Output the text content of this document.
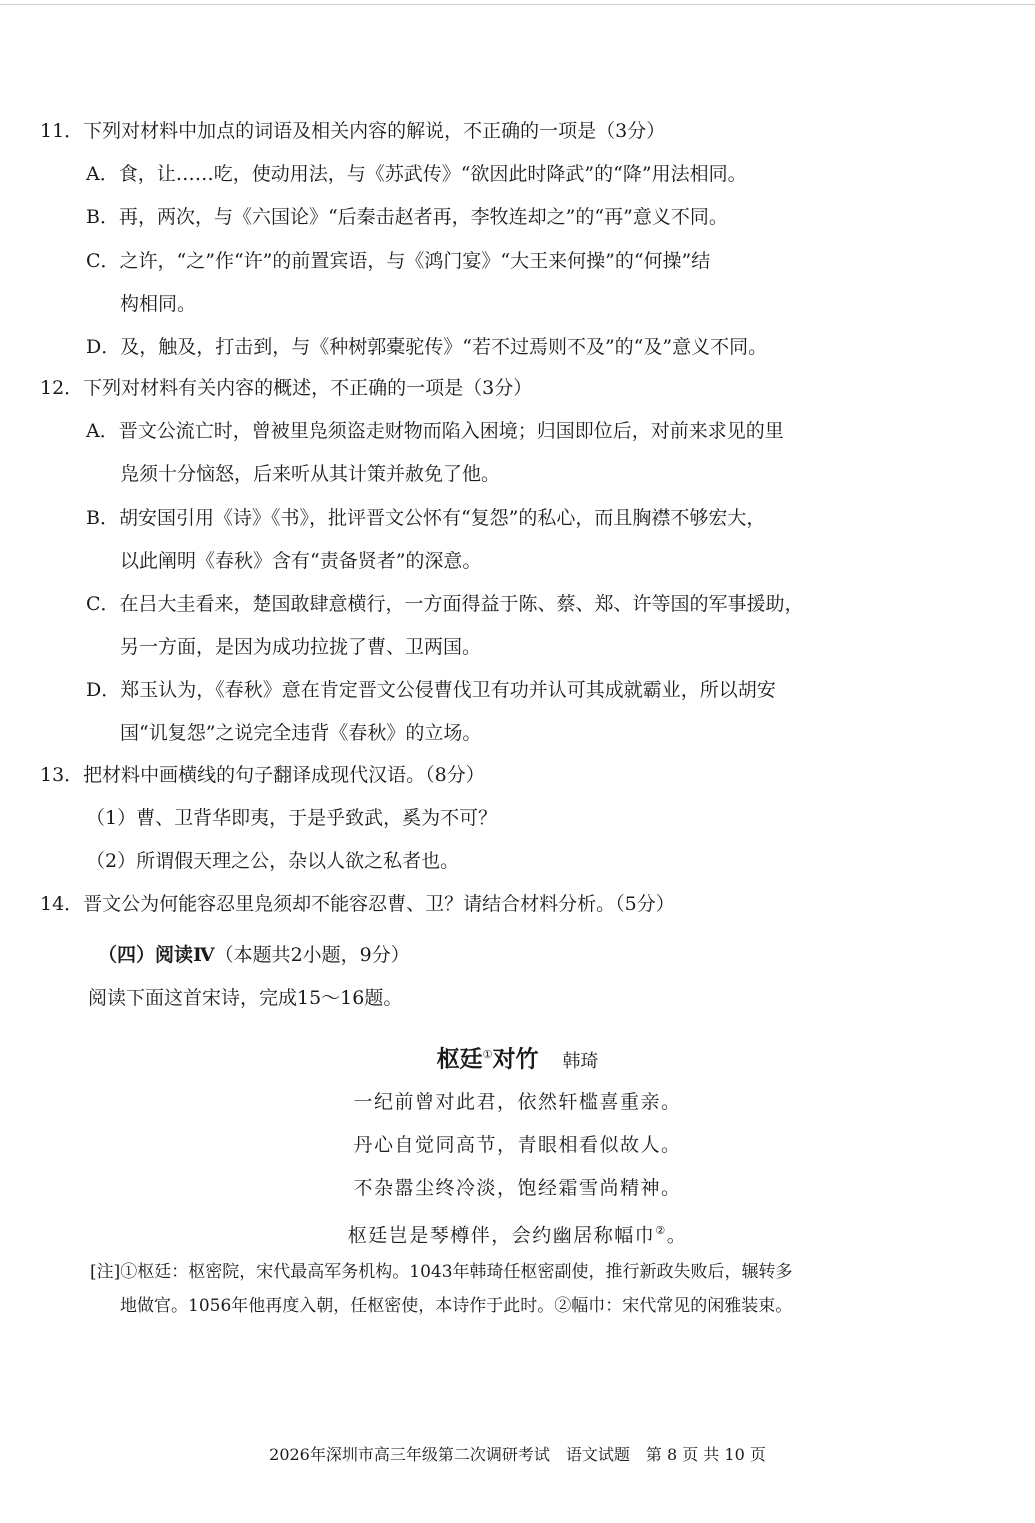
11．下列对材料中加点的词语及相关内容的解说，不正确的一项是（3分）
A．食，让……吃，使动用法，与《苏武传》“欲因此时降武”的“降”用法相同。
B．再，两次，与《六国论》“后秦击赵者再，李牧连却之”的“再”意义不同。
C．之许，“之”作“许”的前置宾语，与《鸿门宴》“大王来何操”的“何操”结
构相同。
D．及，触及，打击到，与《种树郭橐驼传》“若不过焉则不及”的“及”意义不同。
12．下列对材料有关内容的概述，不正确的一项是（3分）
A．晋文公流亡时，曾被里凫须盗走财物而陷入困境；归国即位后，对前来求见的里
凫须十分恼怒，后来听从其计策并赦免了他。
B．胡安国引用《诗》《书》，批评晋文公怀有“复怨”的私心，而且胸襟不够宏大，
以此阐明《春秋》含有“责备贤者”的深意。
C．在吕大圭看来，楚国敢肆意横行，一方面得益于陈、蔡、郑、许等国的军事援助，
另一方面，是因为成功拉拢了曹、卫两国。
D．郑玉认为，《春秋》意在肯定晋文公侵曹伐卫有功并认可其成就霸业，所以胡安
国“讥复怨”之说完全违背《春秋》的立场。
13．把材料中画横线的句子翻译成现代汉语。（8分）
（1）曹、卫背华即夷，于是乎致武，奚为不可？
（2）所谓假天理之公，杂以人欲之私者也。
14．晋文公为何能容忍里凫须却不能容忍曹、卫？请结合材料分析。（5分）
（四）阅读Ⅳ（本题共2小题，9分）
阅读下面这首宋诗，完成15～16题。
枢廷①对竹 韩琦
一纪前曾对此君，依然轩槛喜重亲。
丹心自觉同高节，青眼相看似故人。
不杂嚣尘终冷淡，饱经霜雪尚精神。
枢廷岂是琴樽伴，会约幽居称幅巾②。
[注]①枢廷：枢密院，宋代最高军务机构。1043年韩琦任枢密副使，推行新政失败后，辗转多
地做官。1056年他再度入朝，任枢密使，本诗作于此时。②幅巾：宋代常见的闲雅装束。
2026年深圳市高三年级第二次调研考试　语文试题　第 8 页 共 10 页
